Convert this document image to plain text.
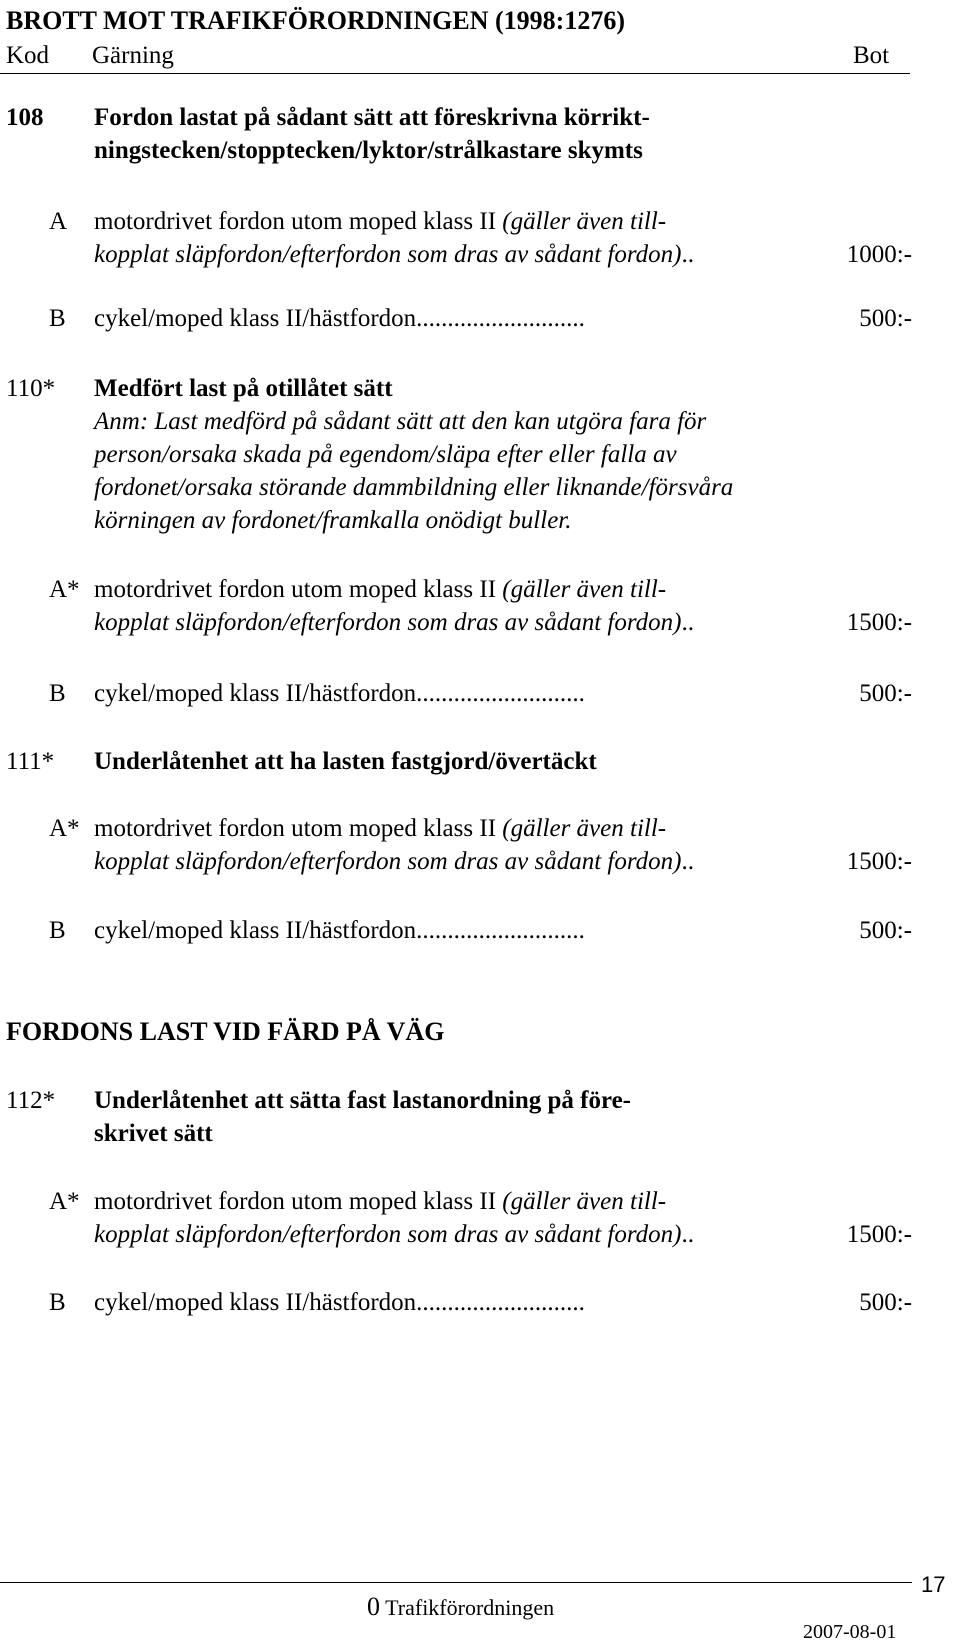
BROTT MOT TRAFIKFÖRORDNINGEN (1998:1276)
Kod Gärning	Bot
108 Fordon lastat på sådant sätt att föreskrivna körrikt-
ningstecken/stopptecken/lyktor/strålkastare skymts
A motordrivet fordon utom moped klass II (gäller även till-
kopplat släpfordon/efterfordon som dras av sådant fordon)..	1000:-
B cykel/moped klass II/hästfordon...........................	500:-
110* Medfört last på otillåtet sätt
Anm: Last medförd på sådant sätt att den kan utgöra fara för
person/orsaka skada på egendom/släpa efter eller falla av
fordonet/orsaka störande dammbildning eller liknande/försvåra
körningen av fordonet/framkalla onödigt buller.
A* motordrivet fordon utom moped klass II (gäller även till-
kopplat släpfordon/efterfordon som dras av sådant fordon)..	1500:-
B cykel/moped klass II/hästfordon...........................	500:-
111* Underlåtenhet att ha lasten fastgjord/övertäckt
A* motordrivet fordon utom moped klass II (gäller även till-
kopplat släpfordon/efterfordon som dras av sådant fordon)..	1500:-
B cykel/moped klass II/hästfordon...........................	500:-
FORDONS LAST VID FÄRD PÅ VÄG
112* Underlåtenhet att sätta fast lastanordning på före-
skrivet sätt
A* motordrivet fordon utom moped klass II (gäller även till-
kopplat släpfordon/efterfordon som dras av sådant fordon)..	1500:-
B cykel/moped klass II/hästfordon...........................	500:-
0 Trafikförordningen
17
2007-08-01
